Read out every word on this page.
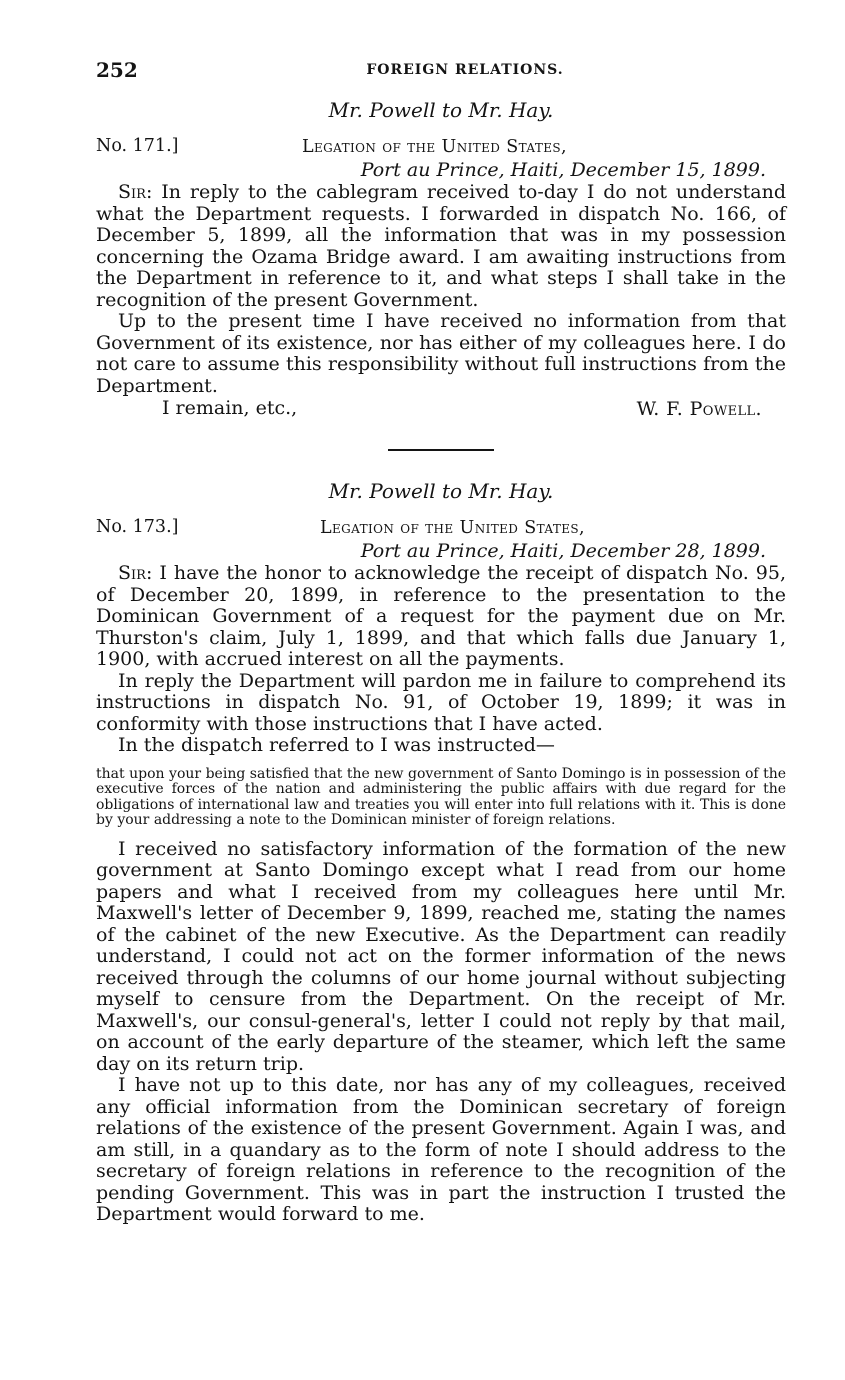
252	FOREIGN RELATIONS.
Mr. Powell to Mr. Hay.
No. 171.]	Legation of the United States,
Port au Prince, Haiti, December 15, 1899.

Sir: In reply to the cablegram received to-day I do not understand what the Department requests. I forwarded in dispatch No. 166, of December 5, 1899, all the information that was in my possession concerning the Ozama Bridge award. I am awaiting instructions from the Department in reference to it, and what steps I shall take in the recognition of the present Government.

Up to the present time I have received no information from that Government of its existence, nor has either of my colleagues here. I do not care to assume this responsibility without full instructions from the Department.

I remain, etc.,	W. F. Powell.
Mr. Powell to Mr. Hay.
No. 173.]	Legation of the United States,
Port au Prince, Haiti, December 28, 1899.

Sir: I have the honor to acknowledge the receipt of dispatch No. 95, of December 20, 1899, in reference to the presentation to the Dominican Government of a request for the payment due on Mr. Thurston's claim, July 1, 1899, and that which falls due January 1, 1900, with accrued interest on all the payments.

In reply the Department will pardon me in failure to comprehend its instructions in dispatch No. 91, of October 19, 1899; it was in conformity with those instructions that I have acted.

In the dispatch referred to I was instructed—

that upon your being satisfied that the new government of Santo Domingo is in possession of the executive forces of the nation and administering the public affairs with due regard for the obligations of international law and treaties you will enter into full relations with it. This is done by your addressing a note to the Dominican minister of foreign relations.

I received no satisfactory information of the formation of the new government at Santo Domingo except what I read from our home papers and what I received from my colleagues here until Mr. Maxwell's letter of December 9, 1899, reached me, stating the names of the cabinet of the new Executive. As the Department can readily understand, I could not act on the former information of the news received through the columns of our home journal without subjecting myself to censure from the Department. On the receipt of Mr. Maxwell's, our consul-general's, letter I could not reply by that mail, on account of the early departure of the steamer, which left the same day on its return trip.

I have not up to this date, nor has any of my colleagues, received any official information from the Dominican secretary of foreign relations of the existence of the present Government. Again I was, and am still, in a quandary as to the form of note I should address to the secretary of foreign relations in reference to the recognition of the pending Government. This was in part the instruction I trusted the Department would forward to me.
